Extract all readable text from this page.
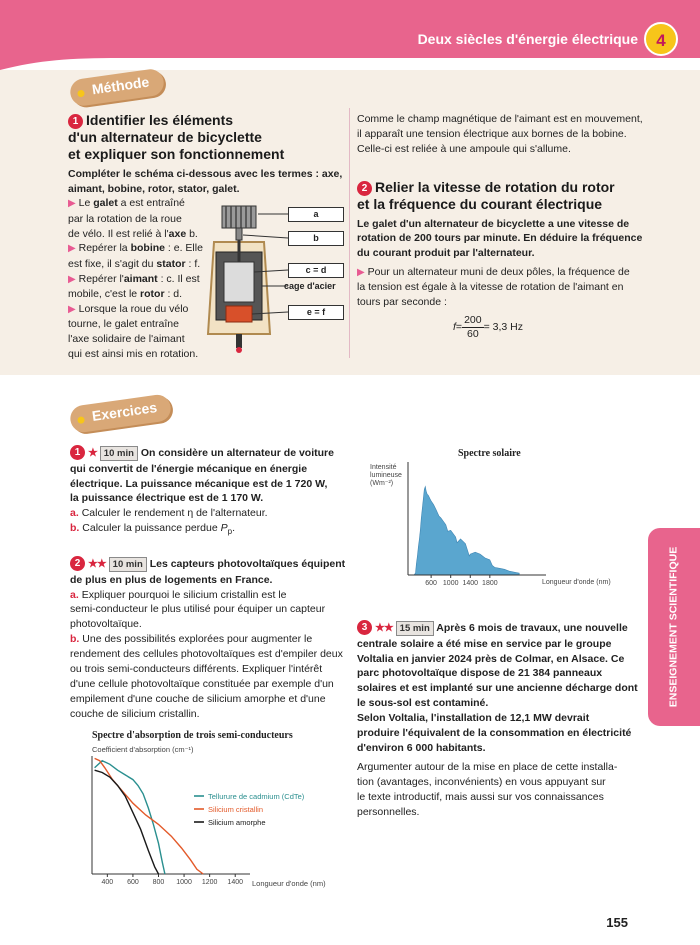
Deux siècles d'énergie électrique	4
Méthode
1 Identifier les éléments
d'un alternateur de bicyclette
et expliquer son fonctionnement

Compléter le schéma ci-dessous avec les termes : axe,
aimant, bobine, rotor, stator, galet.

▶ Le galet a est entraîné

par la rotation de la roue

de vélo. Il est relié à l'axe b.

▶ Repérer la bobine : e. Elle

est fixe, il s'agit du stator : f.

▶ Repérer l'aimant : c. Il est

mobile, c'est le rotor : d.

▶ Lorsque la roue du vélo

tourne, le galet entraîne

l'axe solidaire de l'aimant

qui est ainsi mis en rotation.

a
b
c = d
cage d'acier
e = f

Comme le champ magnétique de l'aimant est en mouvement,
il apparaît une tension électrique aux bornes de la bobine.
Celle-ci est reliée à une ampoule qui s'allume.

2 Relier la vitesse de rotation du rotor
et la fréquence du courant électrique

Le galet d'un alternateur de bicyclette a une vitesse de
rotation de 200 tours par minute. En déduire la fréquence
du courant produit par l'alternateur.

▶ Pour un alternateur muni de deux pôles, la fréquence de
la tension est égale à la vitesse de rotation de l'aimant en
tours par seconde :

$f = \frac{200}{60} = 3,3$ Hz
Exercices

1 ★ 10 min On considère un alternateur de voiture
qui convertit de l'énergie mécanique en énergie
électrique. La puissance mécanique est de 1 720 W,
la puissance électrique est de 1 170 W.

a. Calculer le rendement η de l'alternateur.

b. Calculer la puissance perdue $P_p$.

2 ★★ 10 min Les capteurs photovoltaïques équipent
de plus en plus de logements en France.

a. Expliquer pourquoi le silicium cristallin est le
semi-conducteur le plus utilisé pour équiper un capteur
photovoltaïque.

b. Une des possibilités explorées pour augmenter le
rendement des cellules photovoltaïques est d'empiler deux
ou trois semi-conducteurs différents. Expliquer l'intérêt
d'une cellule photovoltaïque constituée par exemple d'un
empilement d'une couche de silicium amorphe et d'une
couche de silicium cristallin.

Spectre d'absorption de trois semi-conducteurs
Coefficient d'absorption (cm⁻¹)
400 600 800 1000 1200 1400
Tellurure de cadmium (CdTe)
Silicium cristallin
Silicium amorphe
Longueur d'onde (nm)
Spectre solaire
Intensité
lumineuse
(Wm⁻²)
600 1000 1400 1800	Longueur d'onde (nm)

3 ★★ 15 min Après 6 mois de travaux, une nouvelle
centrale solaire a été mise en service par le groupe
Voltalia en janvier 2024 près de Colmar, en Alsace. Ce
parc photovoltaïque dispose de 21 384 panneaux
solaires et est implanté sur une ancienne décharge dont
le sous-sol est contaminé.
Selon Voltalia, l'installation de 12,1 MW devrait
produire l'équivalent de la consommation en électricité
d'environ 6 000 habitants.

Argumenter autour de la mise en place de cette installa-
tion (avantages, inconvénients) en vous appuyant sur
le texte introductif, mais aussi sur vos connaissances
personnelles.

ENSEIGNEMENT SCIENTIFIQUE
155
